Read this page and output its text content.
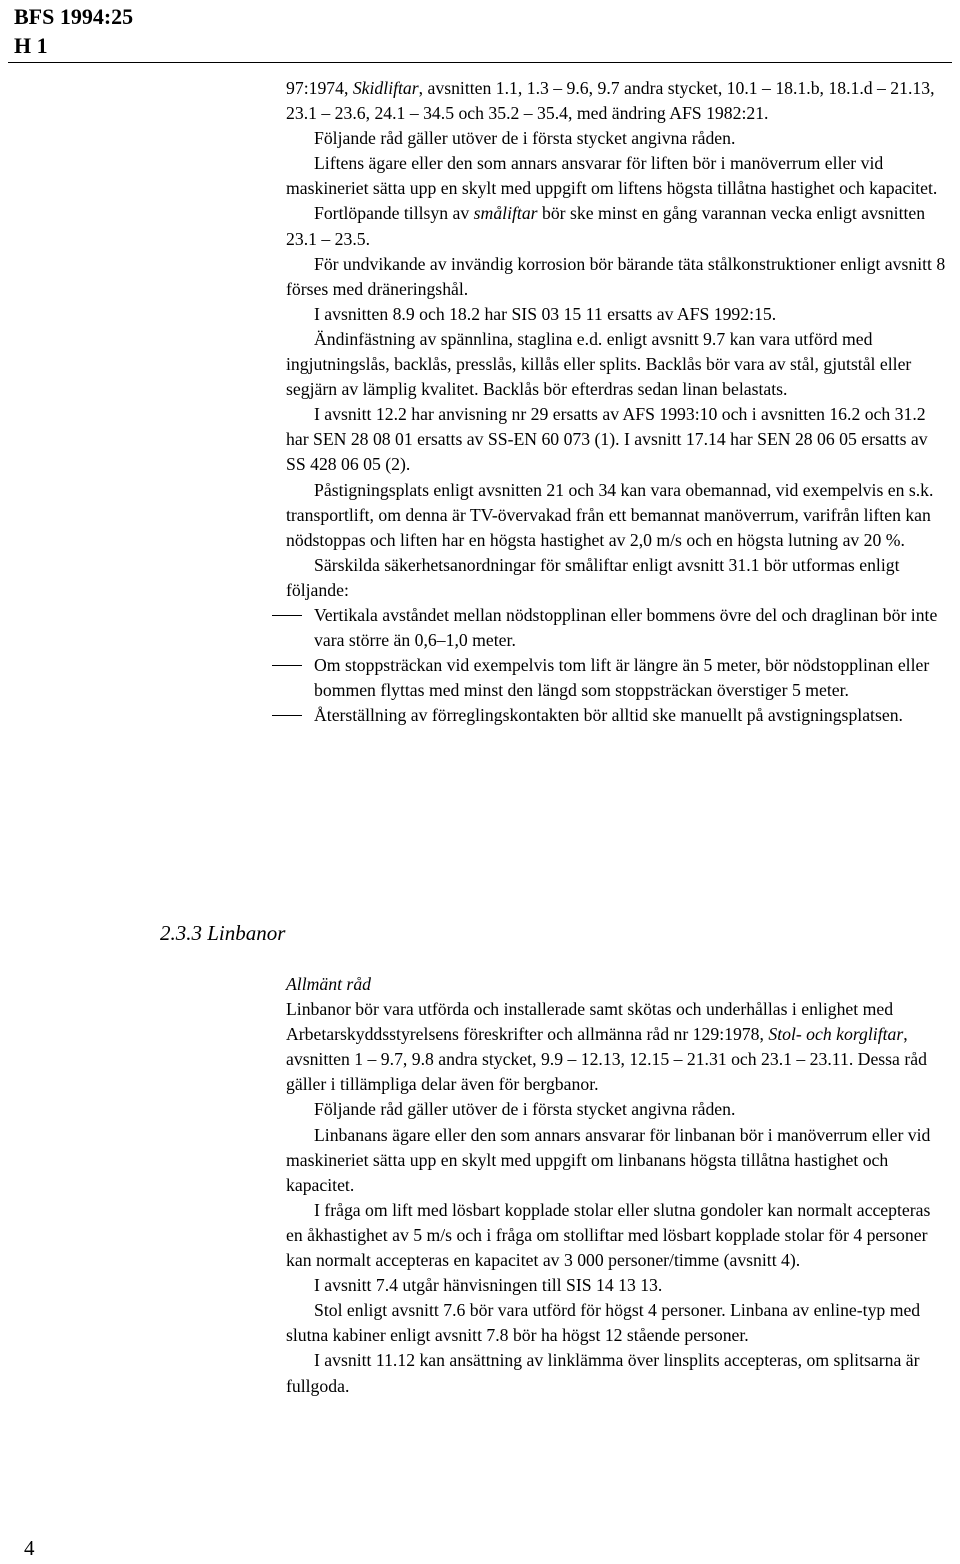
BFS 1994:25
H 1

97:1974, Skidliftar, avsnitten 1.1, 1.3 – 9.6, 9.7 andra stycket, 10.1 – 18.1.b, 18.1.d – 21.13, 23.1 – 23.6, 24.1 – 34.5 och 35.2 – 35.4, med ändring AFS 1982:21.

Följande råd gäller utöver de i första stycket angivna råden.

Liftens ägare eller den som annars ansvarar för liften bör i manöverrum eller vid maskineriet sätta upp en skylt med uppgift om liftens högsta tillåtna hastighet och kapacitet.

Fortlöpande tillsyn av småliftar bör ske minst en gång varannan vecka enligt avsnitten 23.1 – 23.5.

För undvikande av invändig korrosion bör bärande täta stålkonstruktioner enligt avsnitt 8 förses med dräneringshål.

I avsnitten 8.9 och 18.2 har SIS 03 15 11 ersatts av AFS 1992:15.

Ändinfästning av spännlina, staglina e.d. enligt avsnitt 9.7 kan vara utförd med ingjutningslås, backlås, presslås, killås eller splits. Backlås bör vara av stål, gjutstål eller segjärn av lämplig kvalitet. Backlås bör efterdras sedan linan belastats.

I avsnitt 12.2 har anvisning nr 29 ersatts av AFS 1993:10 och i avsnitten 16.2 och 31.2 har SEN 28 08 01 ersatts av SS-EN 60 073 (1). I avsnitt 17.14 har SEN 28 06 05 ersatts av SS 428 06 05 (2).

Påstigningsplats enligt avsnitten 21 och 34 kan vara obemannad, vid exempelvis en s.k. transportlift, om denna är TV-övervakad från ett bemannat manöverrum, varifrån liften kan nödstoppas och liften har en högsta hastighet av 2,0 m/s och en högsta lutning av 20 %.

Särskilda säkerhetsanordningar för småliftar enligt avsnitt 31.1 bör utformas enligt följande:

Vertikala avståndet mellan nödstopplinan eller bommens övre del och draglinan bör inte vara större än 0,6–1,0 meter.
Om stoppsträckan vid exempelvis tom lift är längre än 5 meter, bör nödstopplinan eller bommen flyttas med minst den längd som stoppsträckan överstiger 5 meter.
Återställning av förreglingskontakten bör alltid ske manuellt på avstigningsplatsen.
2.3.3 Linbanor

Allmänt råd

Linbanor bör vara utförda och installerade samt skötas och underhållas i enlighet med Arbetarskyddsstyrelsens föreskrifter och allmänna råd nr 129:1978, Stol- och korgliftar, avsnitten 1 – 9.7, 9.8 andra stycket, 9.9 – 12.13, 12.15 – 21.31 och 23.1 – 23.11. Dessa råd gäller i tillämpliga delar även för bergbanor.

Följande råd gäller utöver de i första stycket angivna råden.

Linbanans ägare eller den som annars ansvarar för linbanan bör i manöverrum eller vid maskineriet sätta upp en skylt med uppgift om linbanans högsta tillåtna hastighet och kapacitet.

I fråga om lift med lösbart kopplade stolar eller slutna gondoler kan normalt accepteras en åkhastighet av 5 m/s och i fråga om stolliftar med lösbart kopplade stolar för 4 personer kan normalt accepteras en kapacitet av 3 000 personer/timme (avsnitt 4).

I avsnitt 7.4 utgår hänvisningen till SIS 14 13 13.

Stol enligt avsnitt 7.6 bör vara utförd för högst 4 personer. Linbana av enline-typ med slutna kabiner enligt avsnitt 7.8 bör ha högst 12 stående personer.

I avsnitt 11.12 kan ansättning av linklämma över linsplits accepteras, om splitsarna är fullgoda.

4
